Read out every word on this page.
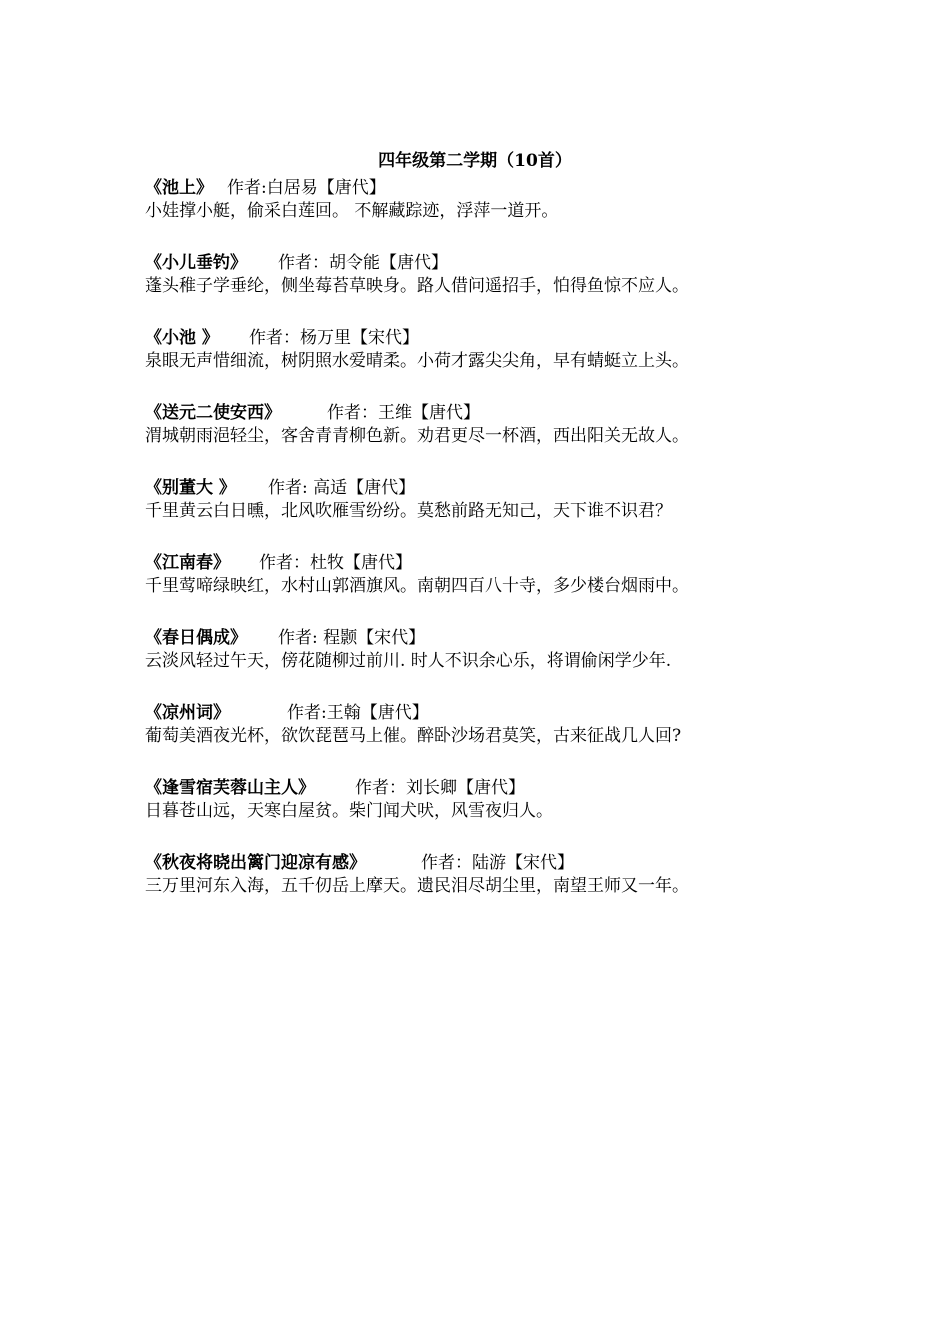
四年级第二学期（10首）
《池上》 作者:白居易【唐代】
小娃撑小艇，偷采白莲回。 不解藏踪迹，浮萍一道开。
《小儿垂钓》 作者：胡令能【唐代】
蓬头稚子学垂纶，侧坐莓苔草映身。路人借问遥招手，怕得鱼惊不应人。
《小池 》 作者：杨万里【宋代】
泉眼无声惜细流，树阴照水爱晴柔。小荷才露尖尖角，早有蜻蜓立上头。
《送元二使安西》	作者：王维【唐代】
渭城朝雨浥轻尘，客舍青青柳色新。劝君更尽一杯酒，西出阳关无故人。
《别董大 》 作者: 高适【唐代】
千里黄云白日曛，北风吹雁雪纷纷。莫愁前路无知己，天下谁不识君？
《江南春》 作者：杜牧【唐代】
千里莺啼绿映红，水村山郭酒旗风。南朝四百八十寺，多少楼台烟雨中。
《春日偶成》 作者: 程颢【宋代】
云淡风轻过午天，傍花随柳过前川. 时人不识余心乐，将谓偷闲学少年.
《凉州词》	作者:王翰【唐代】
葡萄美酒夜光杯，欲饮琵琶马上催。醉卧沙场君莫笑，古来征战几人回?
《逢雪宿芙蓉山主人》 作者：刘长卿【唐代】
日暮苍山远，天寒白屋贫。柴门闻犬吠，风雪夜归人。
《秋夜将晓出篱门迎凉有感》	作者：陆游【宋代】
三万里河东入海，五千仞岳上摩天。遗民泪尽胡尘里，南望王师又一年。
